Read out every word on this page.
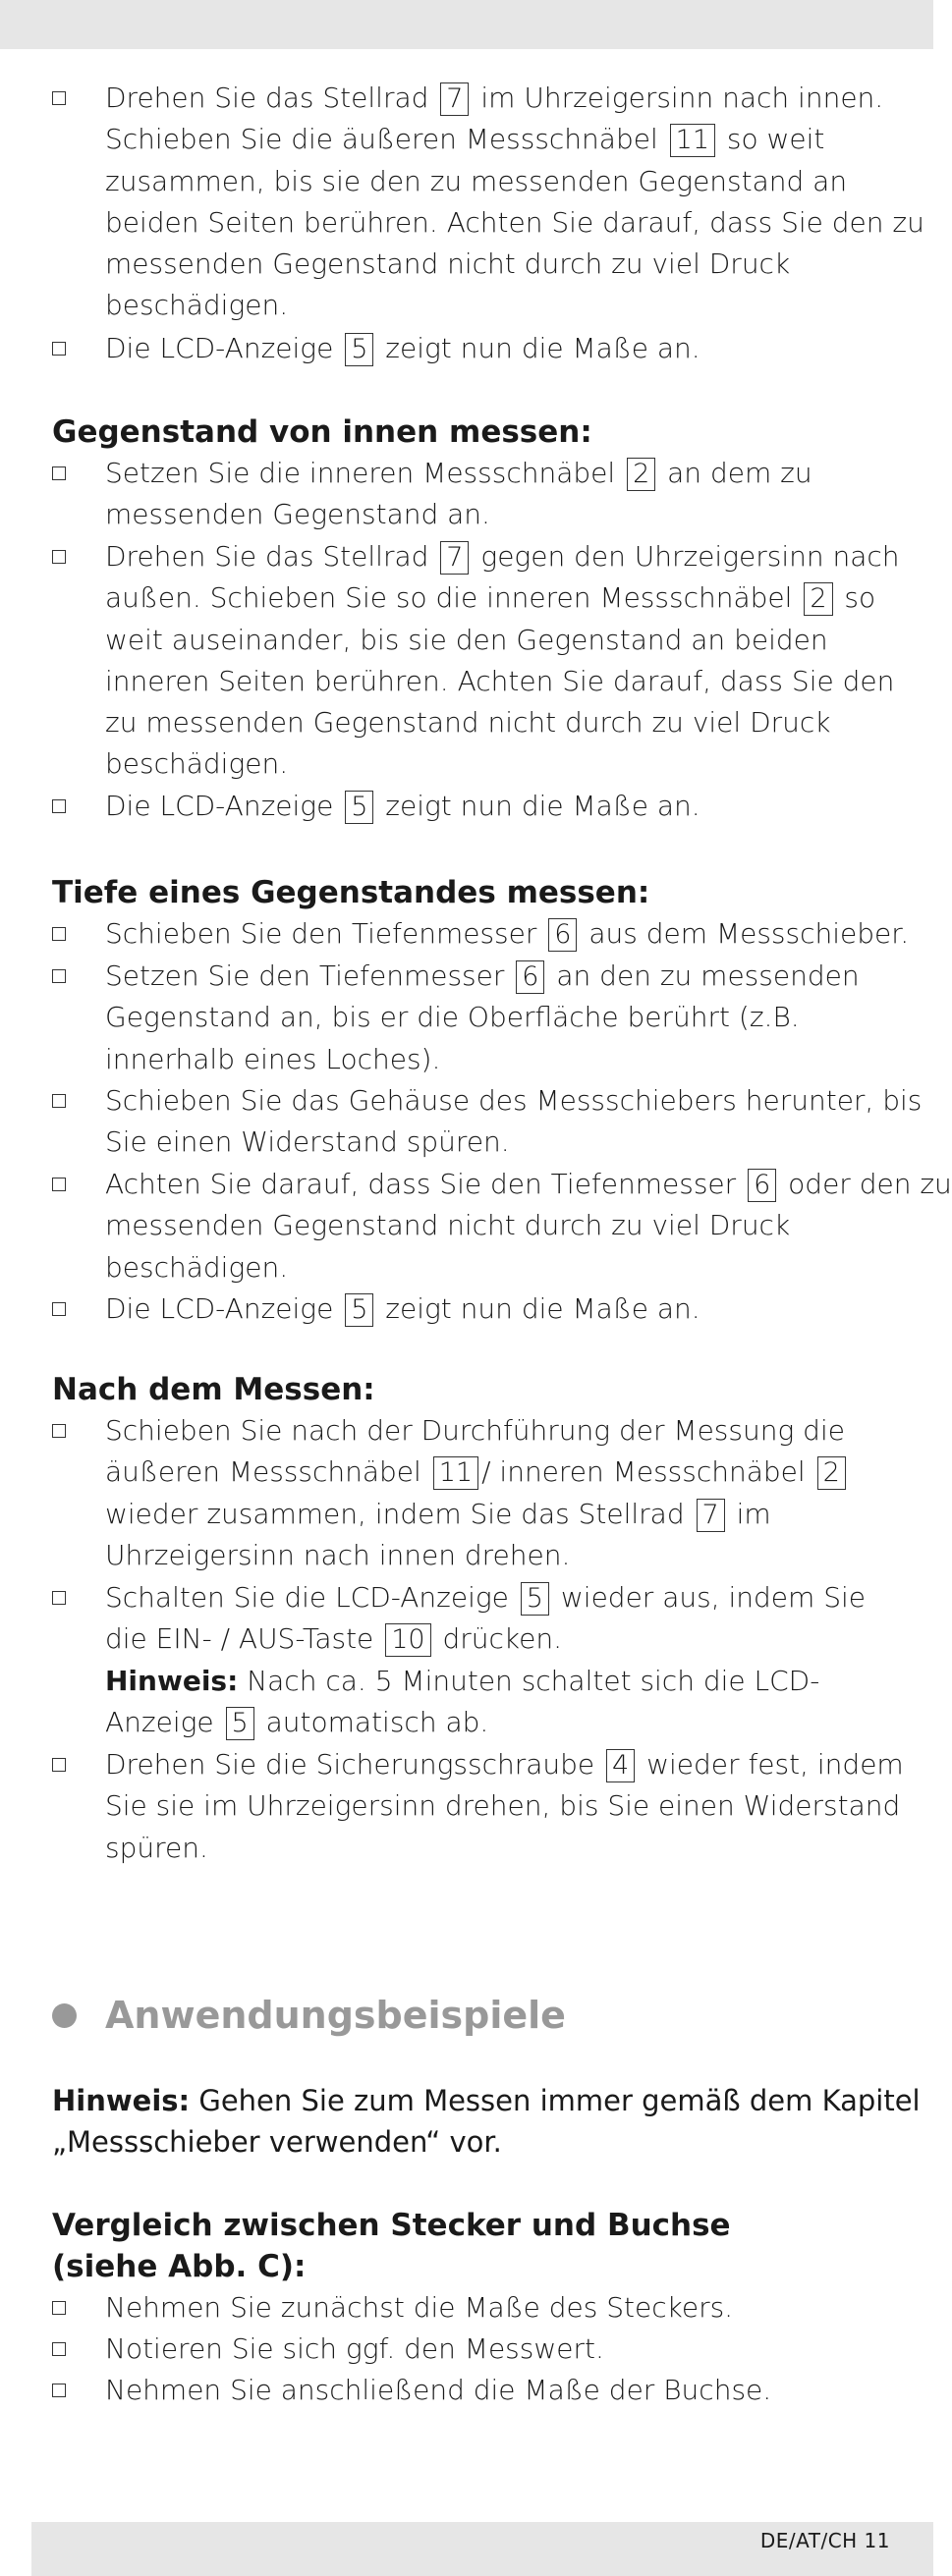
Drehen Sie das Stellrad 7 im Uhrzeigersinn nach innen.
Schieben Sie die äußeren Messschnäbel 11 so weit
zusammen, bis sie den zu messenden Gegenstand an
beiden Seiten berühren. Achten Sie darauf, dass Sie den zu
messenden Gegenstand nicht durch zu viel Druck
beschädigen.
Die LCD-Anzeige 5 zeigt nun die Maße an.
Gegenstand von innen messen:
Setzen Sie die inneren Messschnäbel 2 an dem zu
messenden Gegenstand an.
Drehen Sie das Stellrad 7 gegen den Uhrzeigersinn nach
außen. Schieben Sie so die inneren Messschnäbel 2 so
weit auseinander, bis sie den Gegenstand an beiden
inneren Seiten berühren. Achten Sie darauf, dass Sie den
zu messenden Gegenstand nicht durch zu viel Druck
beschädigen.
Die LCD-Anzeige 5 zeigt nun die Maße an.
Tiefe eines Gegenstandes messen:
Schieben Sie den Tiefenmesser 6 aus dem Messschieber.
Setzen Sie den Tiefenmesser 6 an den zu messenden
Gegenstand an, bis er die Oberfläche berührt (z.B.
innerhalb eines Loches).
Schieben Sie das Gehäuse des Messschiebers herunter, bis
Sie einen Widerstand spüren.
Achten Sie darauf, dass Sie den Tiefenmesser 6 oder den zu
messenden Gegenstand nicht durch zu viel Druck
beschädigen.
Die LCD-Anzeige 5 zeigt nun die Maße an.
Nach dem Messen:
Schieben Sie nach der Durchführung der Messung die
äußeren Messschnäbel 11 / inneren Messschnäbel 2
wieder zusammen, indem Sie das Stellrad 7 im
Uhrzeigersinn nach innen drehen.
Schalten Sie die LCD-Anzeige 5 wieder aus, indem Sie
die EIN- / AUS-Taste 10 drücken.
Hinweis: Nach ca. 5 Minuten schaltet sich die LCD-
Anzeige 5 automatisch ab.
Drehen Sie die Sicherungsschraube 4 wieder fest, indem
Sie sie im Uhrzeigersinn drehen, bis Sie einen Widerstand
spüren.
Anwendungsbeispiele
Hinweis: Gehen Sie zum Messen immer gemäß dem Kapitel
„Messschieber verwenden“ vor.
Vergleich zwischen Stecker und Buchse
(siehe Abb. C):
Nehmen Sie zunächst die Maße des Steckers.
Notieren Sie sich ggf. den Messwert.
Nehmen Sie anschließend die Maße der Buchse.
DE/AT/CH 11
